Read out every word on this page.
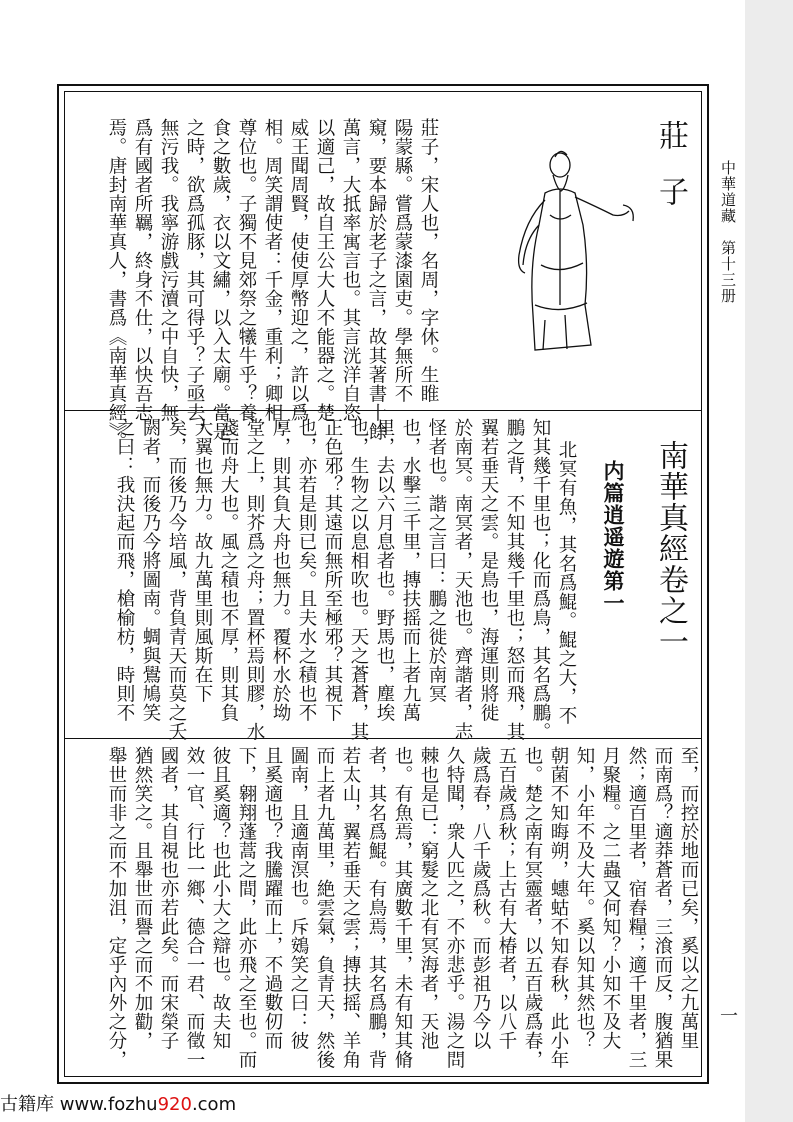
中華道藏　第十三册
一
莊子
莊子，宋人也，名周，字休。生睢
陽蒙縣。嘗爲蒙漆園吏。學無所不
窺，要本歸於老子之言，故其著書十餘
萬言，大抵率寓言也。其言洸洋自恣
以適己，故自王公大人不能器之。楚
威王聞周賢，使使厚幣迎之，許以爲
相。周笑謂使者：千金，重利；卿相，
尊位也。子獨不見郊祭之犧牛乎？養
食之數歲，衣以文繡，以入太廟。當是
之時，欲爲孤豚，其可得乎？子亟去，
無污我。我寧游戲污瀆之中自快，無
爲有國者所羈，終身不仕，以快吾志
焉。唐封南華真人，書爲《南華真經》。
南華真經卷之一
内篇逍遥遊第一
北冥有魚，其名爲鯤。鯤之大，不
知其幾千里也；化而爲鳥，其名爲鵬。
鵬之背，不知其幾千里也；怒而飛，其
翼若垂天之雲。是鳥也，海運則將徙
於南冥。南冥者，天池也。齊諧者，志
怪者也。諧之言曰：鵬之徙於南冥
也，水擊三千里，摶扶摇而上者九萬
里，去以六月息者也。野馬也，塵埃
也，生物之以息相吹也。天之蒼蒼，其
正色邪？其遠而無所至極邪？其視下
也，亦若是則已矣。且夫水之積也不
厚，則其負大舟也無力。覆杯水於坳
堂之上，則芥爲之舟；置杯焉則膠，水
淺而舟大也。風之積也不厚，則其負
大翼也無力。故九萬里則風斯在下
矣，而後乃今培風，背負青天而莫之夭
閼者，而後乃今將圖南。蜩與鷽鳩笑
之曰：我決起而飛，槍榆枋，時則不
至，而控於地而已矣，奚以之九萬里
而南爲？適莽蒼者，三湌而反，腹猶果
然；適百里者，宿舂糧；適千里者，三
月聚糧。之二蟲又何知？小知不及大
知，小年不及大年。奚以知其然也？
朝菌不知晦朔，蟪蛄不知春秋，此小年
也。楚之南有冥靈者，以五百歲爲春，
五百歲爲秋；上古有大椿者，以八千
歲爲春，八千歲爲秋。而彭祖乃今以
久特聞，衆人匹之，不亦悲乎。湯之問
棘也是已：窮髮之北有冥海者，天池
也。有魚焉，其廣數千里，未有知其脩
者，其名爲鯤。有鳥焉，其名爲鵬，背
若太山，翼若垂天之雲；摶扶摇、羊角
而上者九萬里，絶雲氣，負青天，然後
圖南，且適南溟也。斥鴳笑之曰：彼
且奚適也？我騰躍而上，不過數仞而
下，翱翔蓬蒿之間，此亦飛之至也。而
彼且奚適？也此小大之辯也。故夫知
效一官、行比一鄉、德合一君、而徵一
國者，其自視也亦若此矣。而宋榮子
猶然笑之。且舉世而譽之而不加勸，
舉世而非之而不加沮，定乎內外之分，
古籍库 www.fozhu920.com
